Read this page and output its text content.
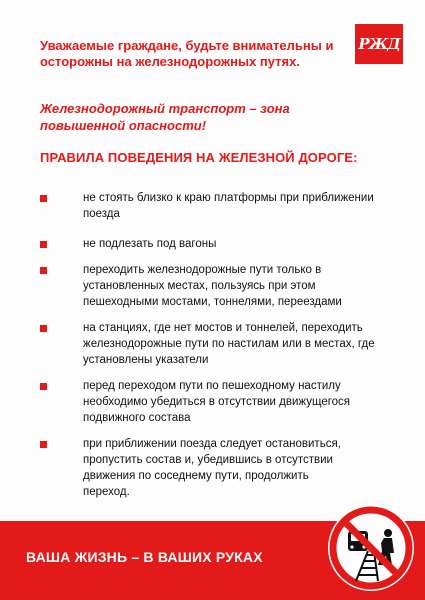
РЖД

Уважаемые граждане, будьте внимательны и осторожны на железнодорожных путях.

Железнодорожный транспорт – зона повышенной опасности!

ПРАВИЛА ПОВЕДЕНИЯ НА ЖЕЛЕЗНОЙ ДОРОГЕ:

не стоять близко к краю платформы при приближении поезда
не подлезать под вагоны
переходить железнодорожные пути только в установленных местах, пользуясь при этом пешеходными мостами, тоннелями, переездами
на станциях, где нет мостов и тоннелей, переходить железнодорожные пути по настилам или в местах, где установлены указатели
перед переходом пути по пешеходному настилу необходимо убедиться в отсутствии движущегося подвижного состава
при приближении поезда следует остановиться, пропустить состав и, убедившись в отсутствии движения по соседнему пути, продолжить переход.
ВАША ЖИЗНЬ – В ВАШИХ РУКАХ
